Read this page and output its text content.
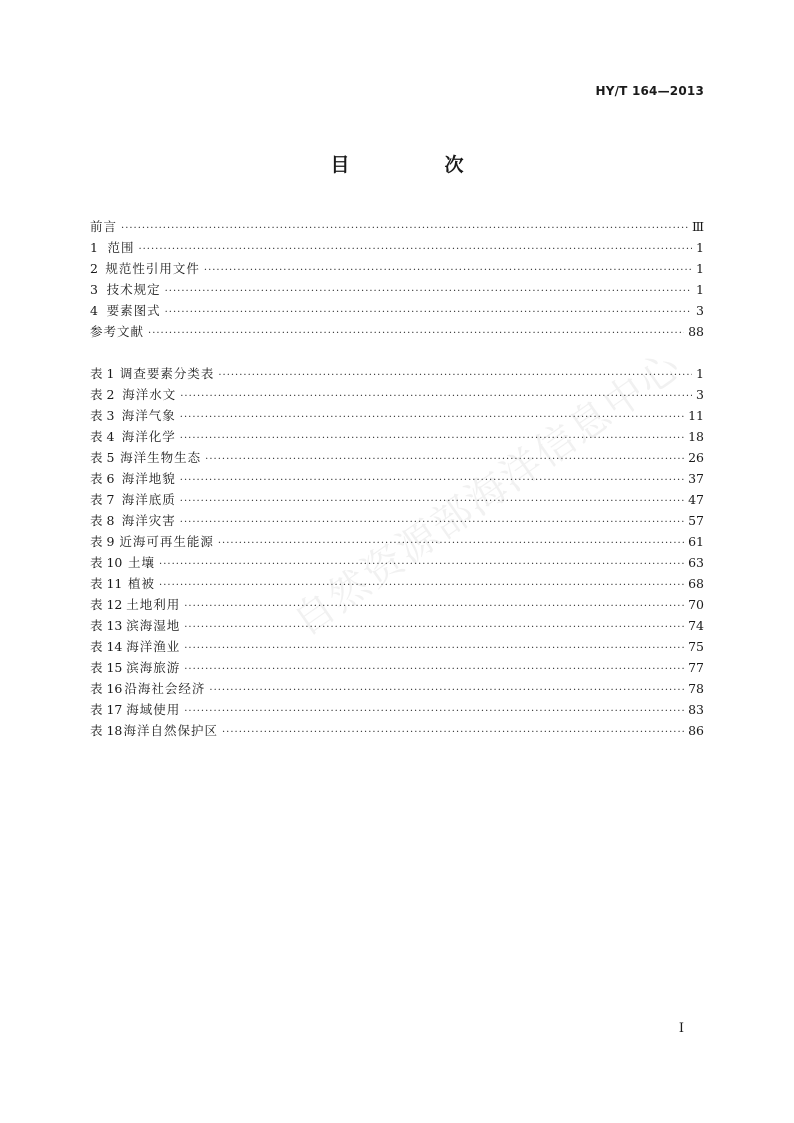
HY/T 164—2013
目　次
前言 ·····	Ⅲ
1 范围 ·····	1
2 规范性引用文件 ·····	1
3 技术规定 ·····	1
4 要素图式 ·····	3
参考文献 ·····	88
表 1 调查要素分类表 ·····	1
表 2 海洋水文 ·····	3
表 3 海洋气象 ·····	11
表 4 海洋化学 ·····	18
表 5 海洋生物生态 ·····	26
表 6 海洋地貌 ·····	37
表 7 海洋底质 ·····	47
表 8 海洋灾害 ·····	57
表 9 近海可再生能源 ·····	61
表 10 土壤 ·····	63
表 11 植被 ·····	68
表 12 土地利用 ·····	70
表 13 滨海湿地 ·····	74
表 14 海洋渔业 ·····	75
表 15 滨海旅游 ·····	77
表 16 沿海社会经济 ·····	78
表 17 海域使用 ·····	83
表 18 海洋自然保护区 ·····	86
自然资源部海洋信息中心
I
